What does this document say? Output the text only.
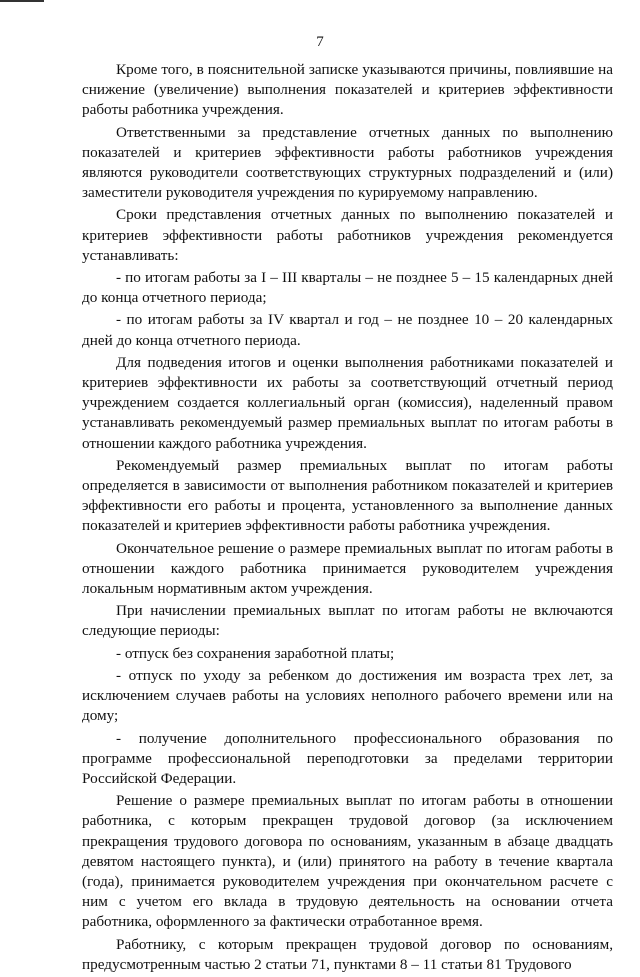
7

Кроме того, в пояснительной записке указываются причины, повлиявшие на снижение (увеличение) выполнения показателей и критериев эффективности работы работника учреждения.

Ответственными за представление отчетных данных по выполнению показателей и критериев эффективности работы работников учреждения являются руководители соответствующих структурных подразделений и (или) заместители руководителя учреждения по курируемому направлению.

Сроки представления отчетных данных по выполнению показателей и критериев эффективности работы работников учреждения рекомендуется устанавливать:

- по итогам работы за I – III кварталы – не позднее 5 – 15 календарных дней до конца отчетного периода;

- по итогам работы за IV квартал и год – не позднее 10 – 20 календарных дней до конца отчетного периода.

Для подведения итогов и оценки выполнения работниками показателей и критериев эффективности их работы за соответствующий отчетный период учреждением создается коллегиальный орган (комиссия), наделенный правом устанавливать рекомендуемый размер премиальных выплат по итогам работы в отношении каждого работника учреждения.

Рекомендуемый размер премиальных выплат по итогам работы определяется в зависимости от выполнения работником показателей и критериев эффективности его работы и процента, установленного за выполнение данных показателей и критериев эффективности работы работника учреждения.

Окончательное решение о размере премиальных выплат по итогам работы в отношении каждого работника принимается руководителем учреждения локальным нормативным актом учреждения.

При начислении премиальных выплат по итогам работы не включаются следующие периоды:

- отпуск без сохранения заработной платы;

- отпуск по уходу за ребенком до достижения им возраста трех лет, за исключением случаев работы на условиях неполного рабочего времени или на дому;

- получение дополнительного профессионального образования по программе профессиональной переподготовки за пределами территории Российской Федерации.

Решение о размере премиальных выплат по итогам работы в отношении работника, с которым прекращен трудовой договор (за исключением прекращения трудового договора по основаниям, указанным в абзаце двадцать девятом настоящего пункта), и (или) принятого на работу в течение квартала (года), принимается руководителем учреждения при окончательном расчете с ним с учетом его вклада в трудовую деятельность на основании отчета работника, оформленного за фактически отработанное время.

Работнику, с которым прекращен трудовой договор по основаниям, предусмотренным частью 2 статьи 71, пунктами 8 – 11 статьи 81 Трудового
